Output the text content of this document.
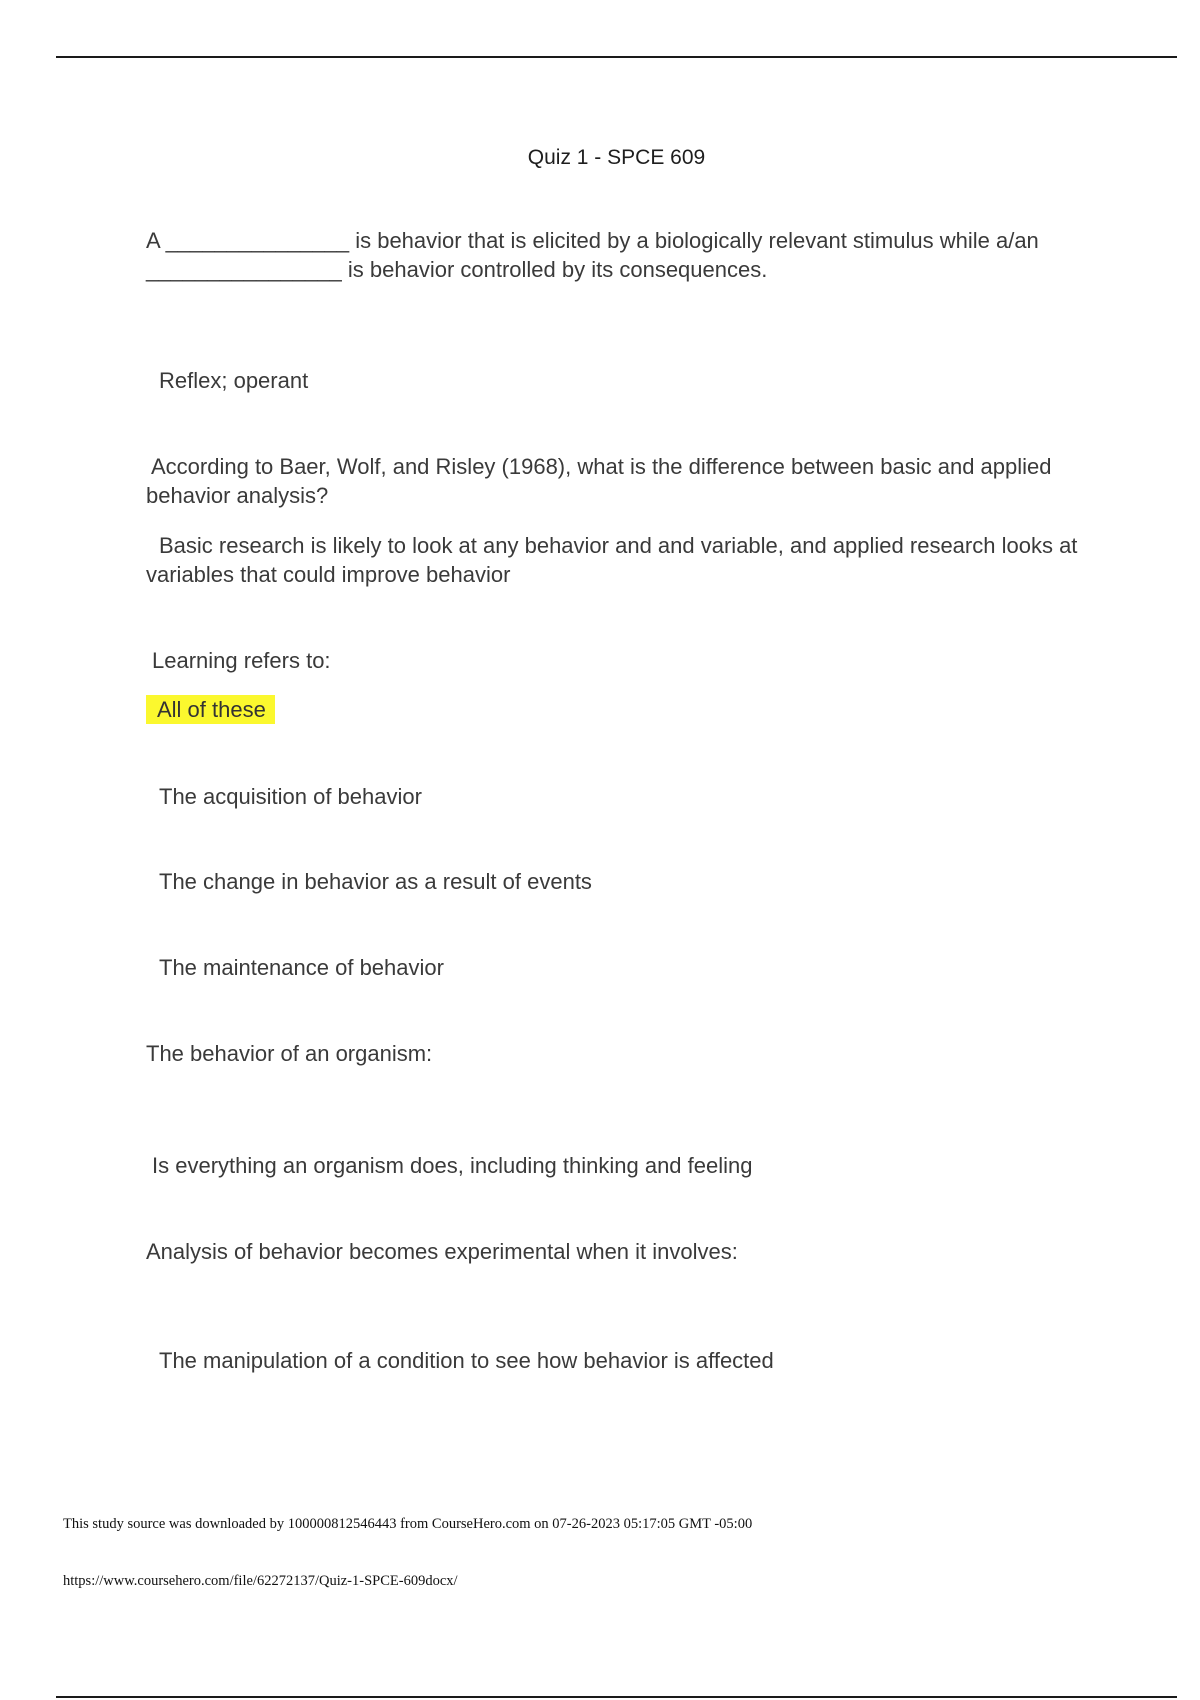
Quiz 1 - SPCE 609
A _______________ is behavior that is elicited by a biologically relevant stimulus while a/an ________________ is behavior controlled by its consequences.
Reflex; operant
According to Baer, Wolf, and Risley (1968), what is the difference between basic and applied behavior analysis?
Basic research is likely to look at any behavior and and variable, and applied research looks at variables that could improve behavior
Learning refers to:
All of these
The acquisition of behavior
The change in behavior as a result of events
The maintenance of behavior
The behavior of an organism:
Is everything an organism does, including thinking and feeling
Analysis of behavior becomes experimental when it involves:
The manipulation of a condition to see how behavior is affected
This study source was downloaded by 100000812546443 from CourseHero.com on 07-26-2023 05:17:05 GMT -05:00
https://www.coursehero.com/file/62272137/Quiz-1-SPCE-609docx/
